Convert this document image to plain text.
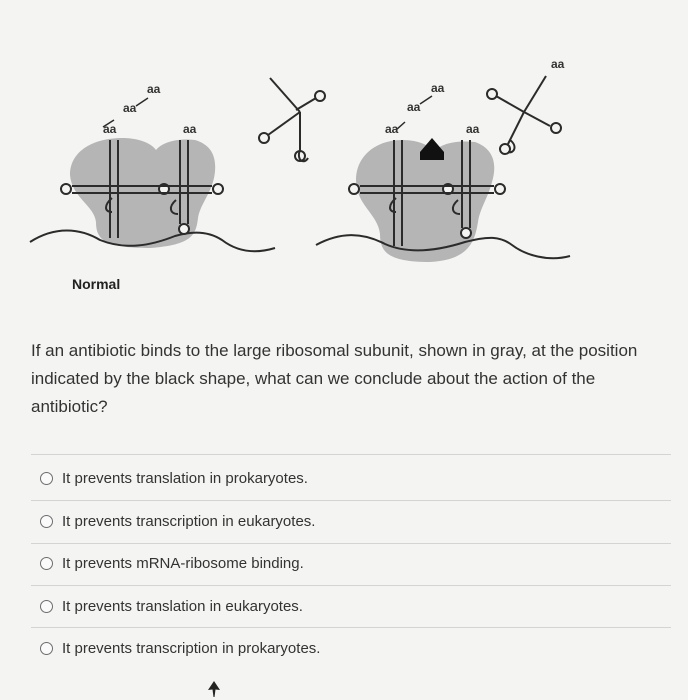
aa
aa
aa
aa	aa
aa
aa
aa
aa
Normal
If an antibiotic binds to the large ribosomal subunit, shown in gray, at the position indicated by the black shape, what can we conclude about the action of the antibiotic?
It prevents translation in prokaryotes.
It prevents transcription in eukaryotes.
It prevents mRNA-ribosome binding.
It prevents translation in eukaryotes.
It prevents transcription in prokaryotes.
